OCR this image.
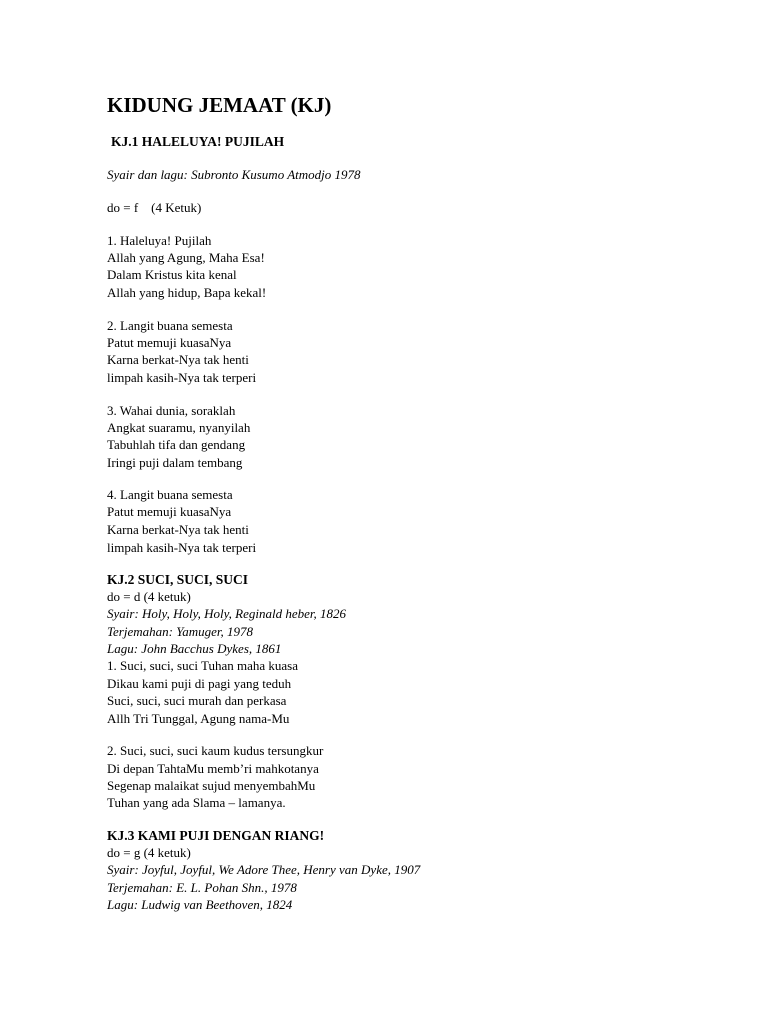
KIDUNG JEMAAT (KJ)

KJ.1 HALELUYA! PUJILAH

Syair dan lagu: Subronto Kusumo Atmodjo 1978

do = f    (4 Ketuk)

1. Haleluya! Pujilah

Allah yang Agung, Maha Esa!

Dalam Kristus kita kenal

Allah yang hidup, Bapa kekal!

2. Langit buana semesta

Patut memuji kuasaNya

Karna berkat-Nya tak henti

limpah kasih-Nya tak terperi

3. Wahai dunia, soraklah

Angkat suaramu, nyanyilah

Tabuhlah tifa dan gendang

Iringi puji dalam tembang

4. Langit buana semesta

Patut memuji kuasaNya

Karna berkat-Nya tak henti

limpah kasih-Nya tak terperi

KJ.2 SUCI, SUCI, SUCI

do = d (4 ketuk)

Syair: Holy, Holy, Holy, Reginald heber, 1826

Terjemahan: Yamuger, 1978

Lagu: John Bacchus Dykes, 1861

1. Suci, suci, suci Tuhan maha kuasa

Dikau kami puji di pagi yang teduh

Suci, suci, suci murah dan perkasa

Allh Tri Tunggal, Agung nama-Mu

2. Suci, suci, suci kaum kudus tersungkur

Di depan TahtaMu memb’ri mahkotanya

Segenap malaikat sujud menyembahMu

Tuhan yang ada Slama – lamanya.

KJ.3 KAMI PUJI DENGAN RIANG!

do = g (4 ketuk)

Syair: Joyful, Joyful, We Adore Thee, Henry van Dyke, 1907

Terjemahan: E. L. Pohan Shn., 1978

Lagu: Ludwig van Beethoven, 1824
